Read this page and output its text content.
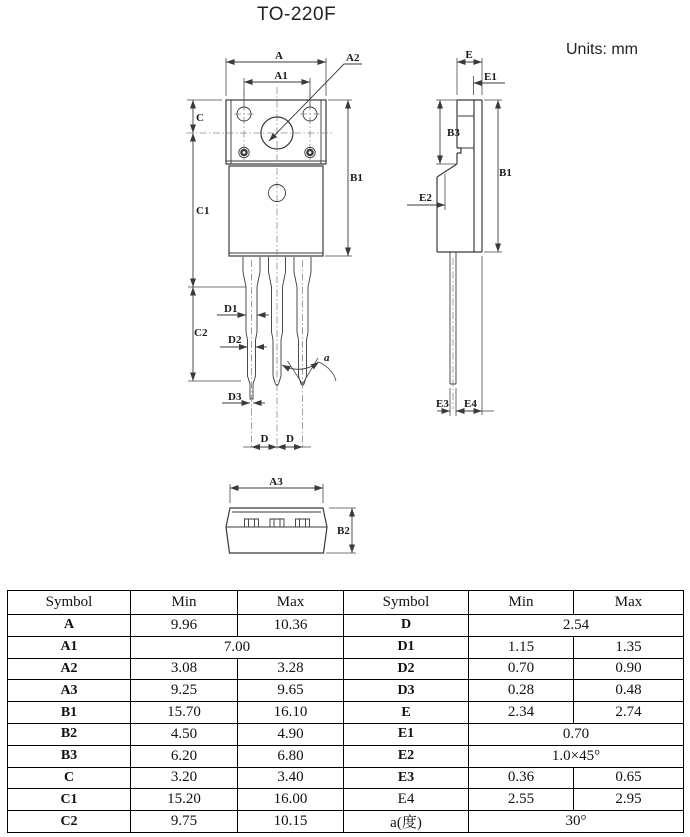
TO-220F
Units: mm
A
A1
A2
C
C1
C2
B1
D1
D2
D3
D D
a
E
E1
B3
E2
B1
E3 E4
A3
B2
Symbol	Min	Max	Symbol	Min	Max
A	9.96	10.36	D	2.54	
A1	7.00		D1	1.15	1.35
A2	3.08	3.28	D2	0.70	0.90
A3	9.25	9.65	D3	0.28	0.48
B1	15.70	16.10	E	2.34	2.74
B2	4.50	4.90	E1	0.70	
B3	6.20	6.80	E2	1.0×45°	
C	3.20	3.40	E3	0.36	0.65
C1	15.20	16.00	E4	2.55	2.95
C2	9.75	10.15	a(度)	30°	
